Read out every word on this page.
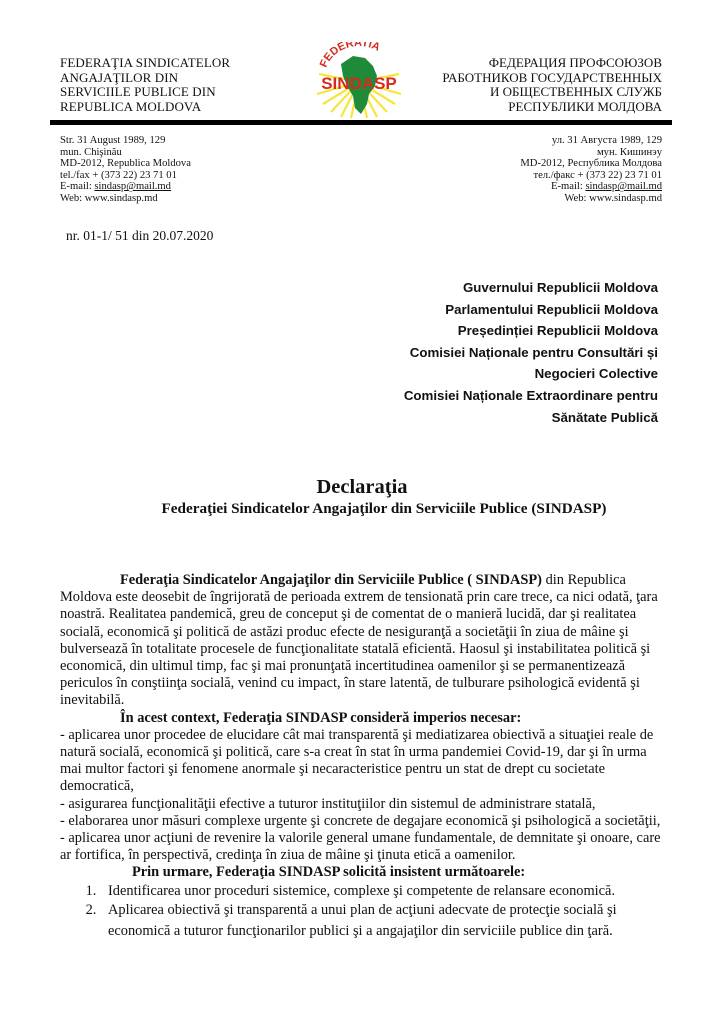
FEDERAŢIA SINDICATELOR
ANGAJAŢILOR DIN
SERVICIILE PUBLICE DIN
REPUBLICA MOLDOVA
FEDERATIA
SINDASP
ФЕДЕРАЦИЯ ПРОФСОЮЗОВ
РАБОТНИКОВ ГОСУДАРСТВЕННЫХ
И ОБЩЕСТВЕННЫХ СЛУЖБ
РЕСПУБЛИКИ МОЛДОВА
Str. 31 August 1989, 129
mun. Chişinău
MD-2012, Republica Moldova
tel./fax + (373 22) 23 71 01
E-mail: sindasp@mail.md
Web: www.sindasp.md
ул. 31 Августа 1989, 129
мун. Кишинэу
MD-2012, Республика Молдова
тел./факс + (373 22) 23 71 01
E-mail: sindasp@mail.md
Web: www.sindasp.md
nr. 01-1/ 51 din 20.07.2020
Guvernului Republicii Moldova
Parlamentului Republicii Moldova
Președinției Republicii Moldova
Comisiei Naționale pentru Consultări și
Negocieri Colective
Comisiei Naționale Extraordinare pentru
Sănătate Publică
Declaraţia
Federaţiei Sindicatelor Angajaţilor din Serviciile Publice (SINDASP)

Federaţia Sindicatelor Angajaţilor din Serviciile Publice ( SINDASP) din Republica Moldova este deosebit de îngrijorată de perioada extrem de tensionată prin care trece, ca nici odată, ţara noastră. Realitatea pandemică, greu de conceput şi de comentat de o manieră lucidă, dar şi realitatea socială, economică şi politică de astăzi produc efecte de nesiguranţă a societăţii în ziua de mâine şi bulversează în totalitate procesele de funcţionalitate statală eficientă. Haosul şi instabilitatea politică şi economică, din ultimul timp, fac şi mai pronunţată incertitudinea oamenilor şi se permanentizează periculos în conştiinţa socială, venind cu impact, în stare latentă, de tulburare psihologică evidentă şi inevitabilă.

În acest context, Federaţia SINDASP consideră imperios necesar:

- aplicarea unor procedee de elucidare cât mai transparentă şi mediatizarea obiectivă a situaţiei reale de natură socială, economică şi politică, care s-a creat în stat în urma pandemiei Covid-19, dar şi în urma mai multor factori şi fenomene anormale şi necaracteristice pentru un stat de drept cu societate democratică,

- asigurarea funcţionalităţii efective a tuturor instituţiilor din sistemul de administrare statală,

- elaborarea unor măsuri complexe urgente şi concrete de degajare economică şi psihologică a societăţii,

- aplicarea unor acţiuni de revenire la valorile general umane fundamentale, de demnitate şi onoare, care ar fortifica, în perspectivă, credinţa în ziua de mâine şi ţinuta etică a oamenilor.

Prin urmare, Federaţia SINDASP solicită insistent următoarele:

1. Identificarea unor proceduri sistemice, complexe şi competente de relansare economică.
2. Aplicarea obiectivă şi transparentă a unui plan de acţiuni adecvate de protecţie socială şi
economică a tuturor funcţionarilor publici şi a angajaţilor din serviciile publice din ţară.
